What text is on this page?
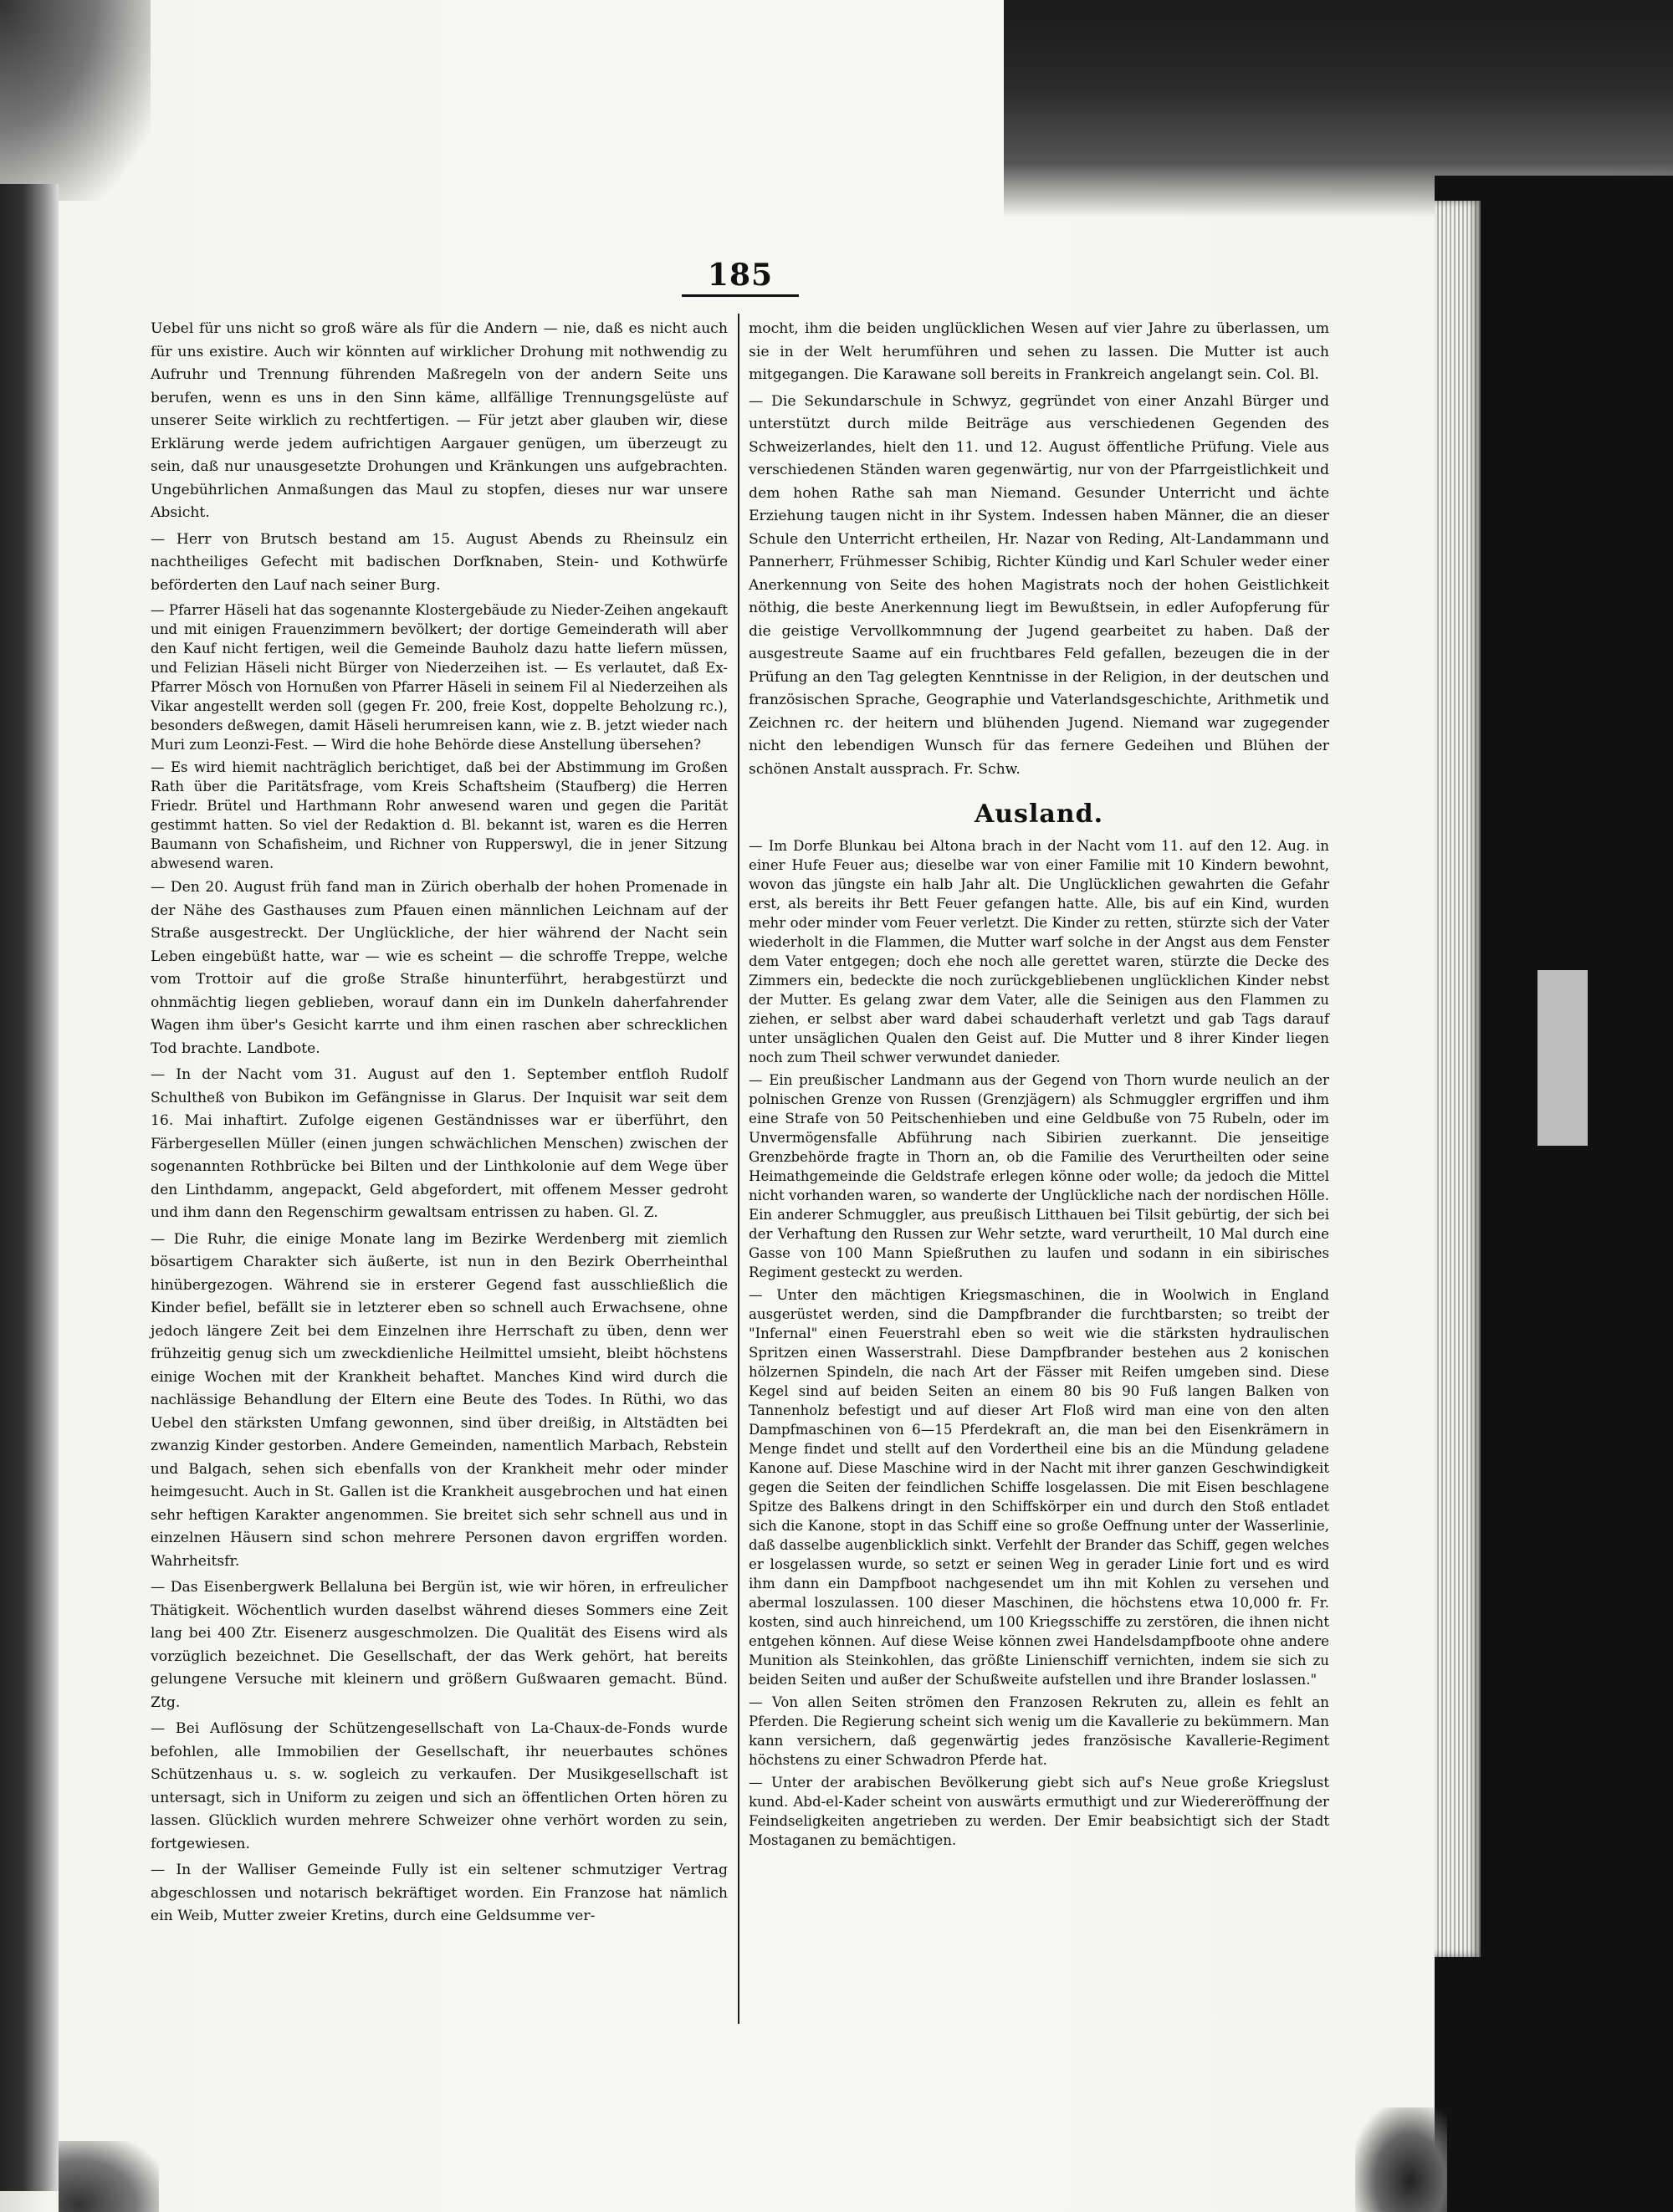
185

Uebel für uns nicht so groß wäre als für die Andern — nie, daß es nicht auch für uns existire. Auch wir könnten auf wirklicher Drohung mit nothwendig zu Aufruhr und Trennung führenden Maßregeln von der andern Seite uns berufen, wenn es uns in den Sinn käme, allfällige Trennungsgelüste auf unserer Seite wirklich zu rechtfertigen. — Für jetzt aber glauben wir, diese Erklärung werde jedem aufrichtigen Aargauer genügen, um überzeugt zu sein, daß nur unausgesetzte Drohungen und Kränkungen uns aufgebrachten. Ungebührlichen Anmaßungen das Maul zu stopfen, dieses nur war unsere Absicht.

— Herr von Brutsch bestand am 15. August Abends zu Rheinsulz ein nachtheiliges Gefecht mit badischen Dorfknaben, Stein- und Kothwürfe beförderten den Lauf nach seiner Burg.

— Pfarrer Häseli hat das sogenannte Klostergebäude zu Nieder-Zeihen angekauft und mit einigen Frauenzimmern bevölkert; der dortige Gemeinderath will aber den Kauf nicht fertigen, weil die Gemeinde Bauholz dazu hatte liefern müssen, und Felizian Häseli nicht Bürger von Niederzeihen ist. — Es verlautet, daß Ex-Pfarrer Mösch von Hornußen von Pfarrer Häseli in seinem Fil al Niederzeihen als Vikar angestellt werden soll (gegen Fr. 200, freie Kost, doppelte Beholzung rc.), besonders deßwegen, damit Häseli herumreisen kann, wie z. B. jetzt wieder nach Muri zum Leonzi-Fest. — Wird die hohe Behörde diese Anstellung übersehen?

— Es wird hiemit nachträglich berichtiget, daß bei der Abstimmung im Großen Rath über die Paritätsfrage, vom Kreis Schaftsheim (Staufberg) die Herren Friedr. Brütel und Harthmann Rohr anwesend waren und gegen die Parität gestimmt hatten. So viel der Redaktion d. Bl. bekannt ist, waren es die Herren Baumann von Schafisheim, und Richner von Rupperswyl, die in jener Sitzung abwesend waren.

— Den 20. August früh fand man in Zürich oberhalb der hohen Promenade in der Nähe des Gasthauses zum Pfauen einen männlichen Leichnam auf der Straße ausgestreckt. Der Unglückliche, der hier während der Nacht sein Leben eingebüßt hatte, war — wie es scheint — die schroffe Treppe, welche vom Trottoir auf die große Straße hinunterführt, herabgestürzt und ohnmächtig liegen geblieben, worauf dann ein im Dunkeln daherfahrender Wagen ihm über's Gesicht karrte und ihm einen raschen aber schrecklichen Tod brachte. Landbote.

— In der Nacht vom 31. August auf den 1. September entfloh Rudolf Schultheß von Bubikon im Gefängnisse in Glarus. Der Inquisit war seit dem 16. Mai inhaftirt. Zufolge eigenen Geständnisses war er überführt, den Färbergesellen Müller (einen jungen schwächlichen Menschen) zwischen der sogenannten Rothbrücke bei Bilten und der Linthkolonie auf dem Wege über den Linthdamm, angepackt, Geld abgefordert, mit offenem Messer gedroht und ihm dann den Regenschirm gewaltsam entrissen zu haben. Gl. Z.

— Die Ruhr, die einige Monate lang im Bezirke Werdenberg mit ziemlich bösartigem Charakter sich äußerte, ist nun in den Bezirk Oberrheinthal hinübergezogen. Während sie in ersterer Gegend fast ausschließlich die Kinder befiel, befällt sie in letzterer eben so schnell auch Erwachsene, ohne jedoch längere Zeit bei dem Einzelnen ihre Herrschaft zu üben, denn wer frühzeitig genug sich um zweckdienliche Heilmittel umsieht, bleibt höchstens einige Wochen mit der Krankheit behaftet. Manches Kind wird durch die nachlässige Behandlung der Eltern eine Beute des Todes. In Rüthi, wo das Uebel den stärksten Umfang gewonnen, sind über dreißig, in Altstädten bei zwanzig Kinder gestorben. Andere Gemeinden, namentlich Marbach, Rebstein und Balgach, sehen sich ebenfalls von der Krankheit mehr oder minder heimgesucht. Auch in St. Gallen ist die Krankheit ausgebrochen und hat einen sehr heftigen Karakter angenommen. Sie breitet sich sehr schnell aus und in einzelnen Häusern sind schon mehrere Personen davon ergriffen worden. Wahrheitsfr.

— Das Eisenbergwerk Bellaluna bei Bergün ist, wie wir hören, in erfreulicher Thätigkeit. Wöchentlich wurden daselbst während dieses Sommers eine Zeit lang bei 400 Ztr. Eisenerz ausgeschmolzen. Die Qualität des Eisens wird als vorzüglich bezeichnet. Die Gesellschaft, der das Werk gehört, hat bereits gelungene Versuche mit kleinern und größern Gußwaaren gemacht. Bünd. Ztg.

— Bei Auflösung der Schützengesellschaft von La-Chaux-de-Fonds wurde befohlen, alle Immobilien der Gesellschaft, ihr neuerbautes schönes Schützenhaus u. s. w. sogleich zu verkaufen. Der Musikgesellschaft ist untersagt, sich in Uniform zu zeigen und sich an öffentlichen Orten hören zu lassen. Glücklich wurden mehrere Schweizer ohne verhört worden zu sein, fortgewiesen.

— In der Walliser Gemeinde Fully ist ein seltener schmutziger Vertrag abgeschlossen und notarisch bekräftiget worden. Ein Franzose hat nämlich ein Weib, Mutter zweier Kretins, durch eine Geldsumme ver-

mocht, ihm die beiden unglücklichen Wesen auf vier Jahre zu überlassen, um sie in der Welt herumführen und sehen zu lassen. Die Mutter ist auch mitgegangen. Die Karawane soll bereits in Frankreich angelangt sein. Col. Bl.

— Die Sekundarschule in Schwyz, gegründet von einer Anzahl Bürger und unterstützt durch milde Beiträge aus verschiedenen Gegenden des Schweizerlandes, hielt den 11. und 12. August öffentliche Prüfung. Viele aus verschiedenen Ständen waren gegenwärtig, nur von der Pfarrgeistlichkeit und dem hohen Rathe sah man Niemand. Gesunder Unterricht und ächte Erziehung taugen nicht in ihr System. Indessen haben Männer, die an dieser Schule den Unterricht ertheilen, Hr. Nazar von Reding, Alt-Landammann und Pannerherr, Frühmesser Schibig, Richter Kündig und Karl Schuler weder einer Anerkennung von Seite des hohen Magistrats noch der hohen Geistlichkeit nöthig, die beste Anerkennung liegt im Bewußtsein, in edler Aufopferung für die geistige Vervollkommnung der Jugend gearbeitet zu haben. Daß der ausgestreute Saame auf ein fruchtbares Feld gefallen, bezeugen die in der Prüfung an den Tag gelegten Kenntnisse in der Religion, in der deutschen und französischen Sprache, Geographie und Vaterlandsgeschichte, Arithmetik und Zeichnen rc. der heitern und blühenden Jugend. Niemand war zugegender nicht den lebendigen Wunsch für das fernere Gedeihen und Blühen der schönen Anstalt aussprach. Fr. Schw.

Ausland.

— Im Dorfe Blunkau bei Altona brach in der Nacht vom 11. auf den 12. Aug. in einer Hufe Feuer aus; dieselbe war von einer Familie mit 10 Kindern bewohnt, wovon das jüngste ein halb Jahr alt. Die Unglücklichen gewahrten die Gefahr erst, als bereits ihr Bett Feuer gefangen hatte. Alle, bis auf ein Kind, wurden mehr oder minder vom Feuer verletzt. Die Kinder zu retten, stürzte sich der Vater wiederholt in die Flammen, die Mutter warf solche in der Angst aus dem Fenster dem Vater entgegen; doch ehe noch alle gerettet waren, stürzte die Decke des Zimmers ein, bedeckte die noch zurückgebliebenen unglücklichen Kinder nebst der Mutter. Es gelang zwar dem Vater, alle die Seinigen aus den Flammen zu ziehen, er selbst aber ward dabei schauderhaft verletzt und gab Tags darauf unter unsäglichen Qualen den Geist auf. Die Mutter und 8 ihrer Kinder liegen noch zum Theil schwer verwundet danieder.

— Ein preußischer Landmann aus der Gegend von Thorn wurde neulich an der polnischen Grenze von Russen (Grenzjägern) als Schmuggler ergriffen und ihm eine Strafe von 50 Peitschenhieben und eine Geldbuße von 75 Rubeln, oder im Unvermögensfalle Abführung nach Sibirien zuerkannt. Die jenseitige Grenzbehörde fragte in Thorn an, ob die Familie des Verurtheilten oder seine Heimathgemeinde die Geldstrafe erlegen könne oder wolle; da jedoch die Mittel nicht vorhanden waren, so wanderte der Unglückliche nach der nordischen Hölle. Ein anderer Schmuggler, aus preußisch Litthauen bei Tilsit gebürtig, der sich bei der Verhaftung den Russen zur Wehr setzte, ward verurtheilt, 10 Mal durch eine Gasse von 100 Mann Spießruthen zu laufen und sodann in ein sibirisches Regiment gesteckt zu werden.

— Unter den mächtigen Kriegsmaschinen, die in Woolwich in England ausgerüstet werden, sind die Dampfbrander die furchtbarsten; so treibt der "Infernal" einen Feuerstrahl eben so weit wie die stärksten hydraulischen Spritzen einen Wasserstrahl. Diese Dampfbrander bestehen aus 2 konischen hölzernen Spindeln, die nach Art der Fässer mit Reifen umgeben sind. Diese Kegel sind auf beiden Seiten an einem 80 bis 90 Fuß langen Balken von Tannenholz befestigt und auf dieser Art Floß wird man eine von den alten Dampfmaschinen von 6—15 Pferdekraft an, die man bei den Eisenkrämern in Menge findet und stellt auf den Vordertheil eine bis an die Mündung geladene Kanone auf. Diese Maschine wird in der Nacht mit ihrer ganzen Geschwindigkeit gegen die Seiten der feindlichen Schiffe losgelassen. Die mit Eisen beschlagene Spitze des Balkens dringt in den Schiffskörper ein und durch den Stoß entladet sich die Kanone, stopt in das Schiff eine so große Oeffnung unter der Wasserlinie, daß dasselbe augenblicklich sinkt. Verfehlt der Brander das Schiff, gegen welches er losgelassen wurde, so setzt er seinen Weg in gerader Linie fort und es wird ihm dann ein Dampfboot nachgesendet um ihn mit Kohlen zu versehen und abermal loszulassen. 100 dieser Maschinen, die höchstens etwa 10,000 fr. Fr. kosten, sind auch hinreichend, um 100 Kriegsschiffe zu zerstören, die ihnen nicht entgehen können. Auf diese Weise können zwei Handelsdampfboote ohne andere Munition als Steinkohlen, das größte Linienschiff vernichten, indem sie sich zu beiden Seiten und außer der Schußweite aufstellen und ihre Brander loslassen."

— Von allen Seiten strömen den Franzosen Rekruten zu, allein es fehlt an Pferden. Die Regierung scheint sich wenig um die Kavallerie zu bekümmern. Man kann versichern, daß gegenwärtig jedes französische Kavallerie-Regiment höchstens zu einer Schwadron Pferde hat.

— Unter der arabischen Bevölkerung giebt sich auf's Neue große Kriegslust kund. Abd-el-Kader scheint von auswärts ermuthigt und zur Wiedereröffnung der Feindseligkeiten angetrieben zu werden. Der Emir beabsichtigt sich der Stadt Mostaganen zu bemächtigen.
